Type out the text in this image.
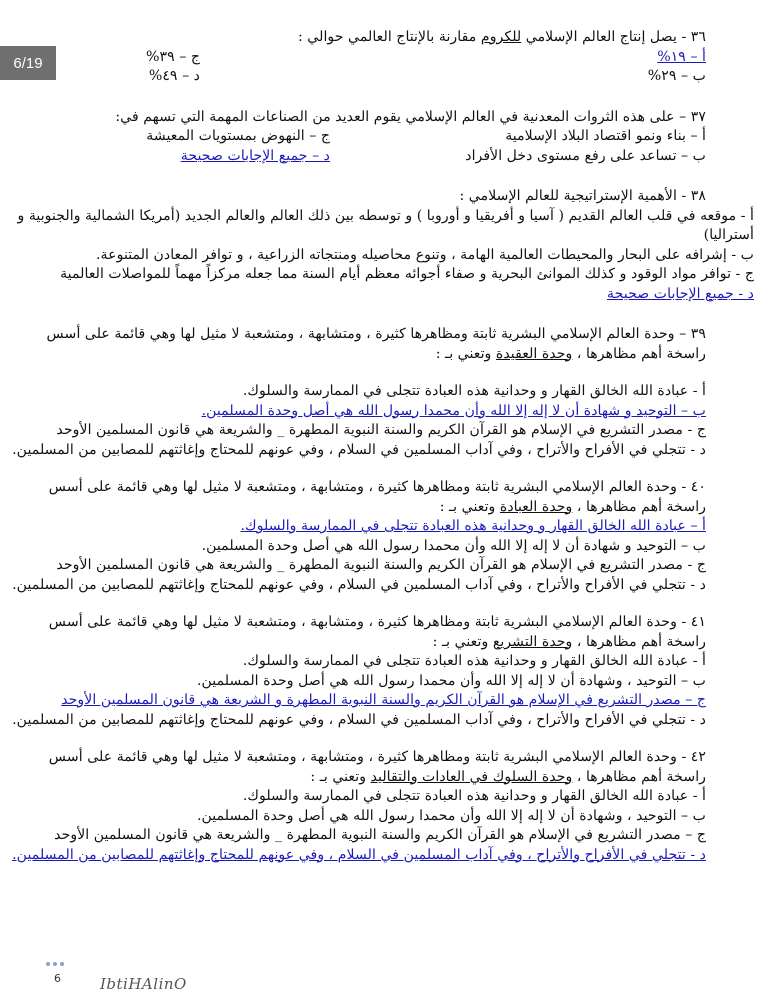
6/19
٣٦ - يصل إنتاج العالم الإسلامي للكروم مقارنة بالإنتاج العالمي حوالي :
أ – ١٩%
ج – ٣٩%
ب – ٢٩%
د – ٤٩%
٣٧ – على هذه الثروات المعدنية في العالم الإسلامي يقوم العديد من الصناعات المهمة التي تسهم في:
أ – بناء ونمو اقتصاد البلاد الإسلامية
ج – النهوض بمستويات المعيشة
ب – تساعد على رفع مستوى دخل الأفراد
د – جميع الإجابات صحيحة
٣٨ - الأهمية الإستراتيجية للعالم الإسلامي :
أ - موقعه في قلب العالم القديم ( آسيا و أفريقيا و أوروبا ) و توسطه بين ذلك العالم والعالم الجديد (أمريكا الشمالية والجنوبية و أستراليا)
ب - إشرافه على البحار والمحيطات العالمية الهامة ، وتنوع محاصيله ومنتجاته الزراعية ، و توافر المعادن المتنوعة.
ج - توافر مواد الوقود و كذلك الموانئ البحرية و صفاء أجوائه معظم أيام السنة مما جعله مركزاً مهماً للمواصلات العالمية
د - جميع الإجابات صحيحة
٣٩ – وحدة العالم الإسلامي البشرية ثابتة ومظاهرها كثيرة ، ومتشابهة ، ومتشعبة لا مثيل لها وهي قائمة على أسس راسخة أهم مظاهرها ، وحدة العقيدة وتعني بـ :
أ - عبادة الله الخالق القهار و وحدانية هذه العبادة تتجلى في الممارسة والسلوك.
ب – التوحيد و شهادة أن لا إله إلا الله وأن محمدا رسول الله هي أصل وحدة المسلمين.
ج - مصدر التشريع في الإسلام هو القرآن الكريم والسنة النبوية المطهرة _ والشريعة هي قانون المسلمين الأوحد
د - تتجلي في الأفراح والأتراح ، وفي آداب المسلمين في السلام ، وفي عونهم للمحتاج وإغاثتهم للمصابين من المسلمين.
٤٠ - وحدة العالم الإسلامي البشرية ثابتة ومظاهرها كثيرة ، ومتشابهة ، ومتشعبة لا مثيل لها وهي قائمة على أسس راسخة أهم مظاهرها ، وحدة العبادة وتعني بـ :
أ – عبادة الله الخالق القهار و وحدانية هذه العبادة تتجلى في الممارسة والسلوك.
ب – التوحيد و شهادة أن لا إله إلا الله وأن محمدا رسول الله هي أصل وحدة المسلمين.
ج - مصدر التشريع في الإسلام هو القرآن الكريم والسنة النبوية المطهرة _ والشريعة هي قانون المسلمين الأوحد
د - تتجلي في الأفراح والأتراح ، وفي آداب المسلمين في السلام ، وفي عونهم للمحتاج وإغاثتهم للمصابين من المسلمين.
٤١ - وحدة العالم الإسلامي البشرية ثابتة ومظاهرها كثيرة ، ومتشابهة ، ومتشعبة لا مثيل لها وهي قائمة على أسس راسخة أهم مظاهرها ، وحدة التشريع وتعني بـ :
أ - عبادة الله الخالق القهار و وحدانية هذه العبادة تتجلى في الممارسة والسلوك.
ب – التوحيد ، وشهادة أن لا إله إلا الله وأن محمدا رسول الله هي أصل وحدة المسلمين.
ج – مصدر التشريع في الإسلام هو القرآن الكريم والسنة النبوية المطهرة و الشريعة هي قانون المسلمين الأوحد
د - تتجلي في الأفراح والأتراح ، وفي آداب المسلمين في السلام ، وفي عونهم للمحتاج وإغاثتهم للمصابين من المسلمين.
٤٢ - وحدة العالم الإسلامي البشرية ثابتة ومظاهرها كثيرة ، ومتشابهة ، ومتشعبة لا مثيل لها وهي قائمة على أسس راسخة أهم مظاهرها ، وحدة السلوك في العادات والتقاليد وتعني بـ :
أ - عبادة الله الخالق القهار و وحدانية هذه العبادة تتجلى في الممارسة والسلوك.
ب – التوحيد ، وشهادة أن لا إله إلا الله وأن محمدا رسول الله هي أصل وحدة المسلمين.
ج – مصدر التشريع في الإسلام هو القرآن الكريم والسنة النبوية المطهرة _ والشريعة هي قانون المسلمين الأوحد
د - تتجلي في الأفراح والأتراح ، وفي آداب المسلمين في السلام ، وفي عونهم للمحتاج وإغاثتهم للمصابين من المسلمين.
6	IbtiHAlinO
